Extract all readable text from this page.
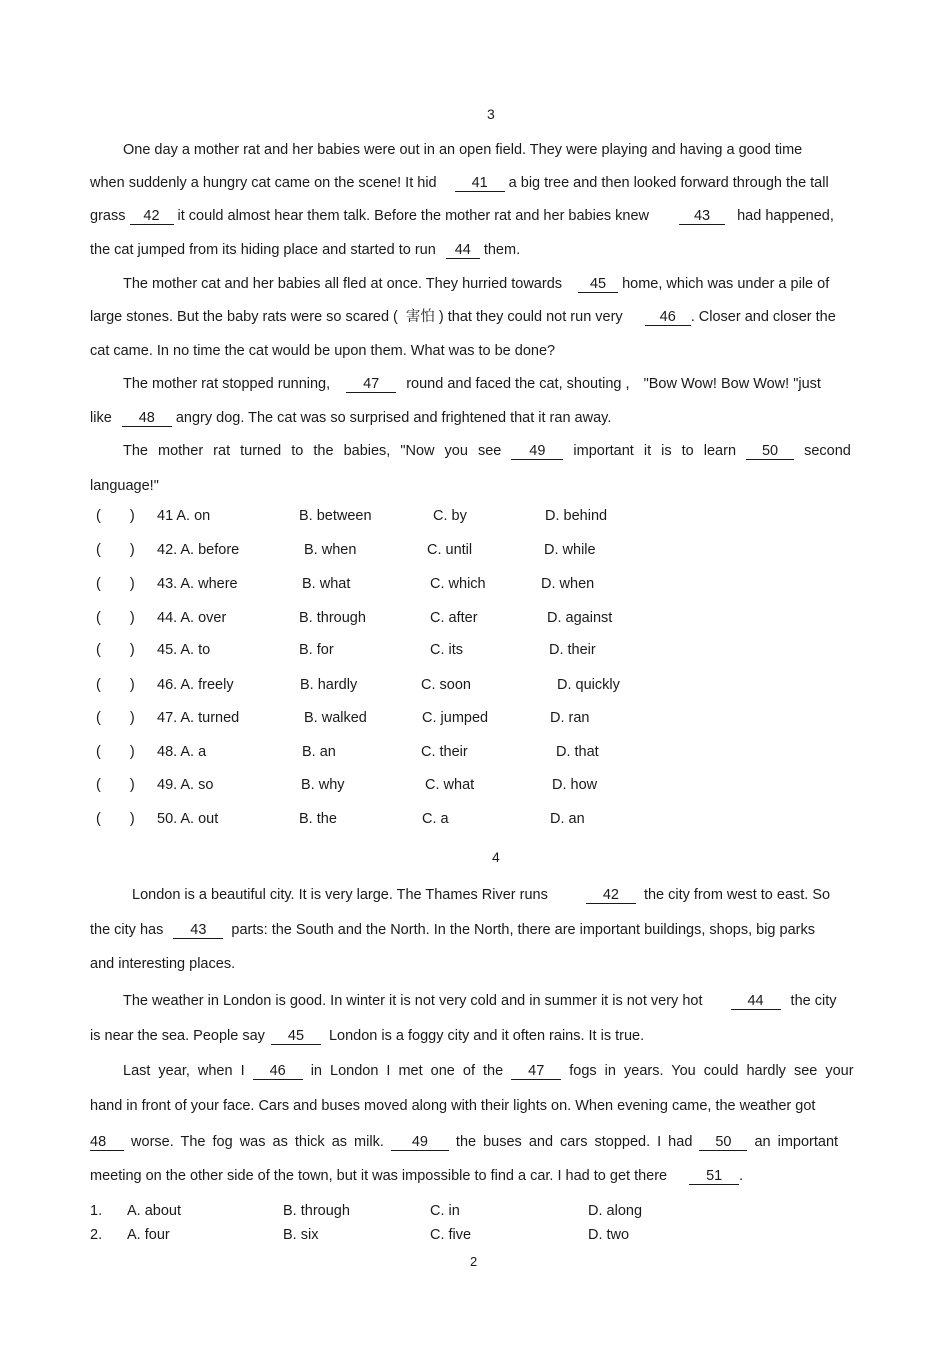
3
One day a mother rat and her babies were out in an open field. They were playing and having a good time
when suddenly a hungry cat came on the scene! It hid 41 a big tree and then looked forward through the tall
grass 42 it could almost hear them talk. Before the mother rat and her babies knew	43 had happened,
the cat jumped from its hiding place and started to run 44 them.
The mother cat and her babies all fled at once. They hurried towards 45 home, which was under a pile of
large stones. But the baby rats were so scared ( 害怕 ) that they could not run very	46 . Closer and closer the
cat came. In no time the cat would be upon them. What was to be done?
The mother rat stopped running, 47 round and faced the cat, shouting , "Bow Wow! Bow Wow! "just
like 48 angry dog. The cat was so surprised and frightened that it ran away.
The mother rat turned to the babies, "Now you see 49 important it is to learn 50 second
language!"
(　　) 41 A. on	B. between	C. by	D. behind
(　　) 42. A. before	B. when	C. until	D. while
(　　) 43. A. where	B. what	C. which	D. when
(　　) 44. A. over	B. through	C. after	D. against
(　　) 45. A. to	B. for	C. its	D. their
(　　) 46. A. freely	B. hardly	C. soon	D. quickly
(　　) 47. A. turned	B. walked	C. jumped	D. ran
(　　) 48. A. a	B. an	C. their	D. that
(　　) 49. A. so	B. why	C. what	D. how
(　　) 50. A. out	B. the	C. a	D. an
4
London is a beautiful city. It is very large. The Thames River runs	42 the city from west to east. So
the city has 43 parts: the South and the North. In the North, there are important buildings, shops, big parks
and interesting places.
The weather in London is good. In winter it is not very cold and in summer it is not very hot	44 the city
is near the sea. People say 45 London is a foggy city and it often rains. It is true.
Last year, when I 46 in London I met one of the 47 fogs in years. You could hardly see your
hand in front of your face. Cars and buses moved along with their lights on. When evening came, the weather got
48 worse. The fog was as thick as milk. 49 the buses and cars stopped. I had 50 an important
meeting on the other side of the town, but it was impossible to find a car. I had to get there	51 .
1. A. about	B. through	C. in	D. along
2. A. four	B. six	C. five	D. two
2
